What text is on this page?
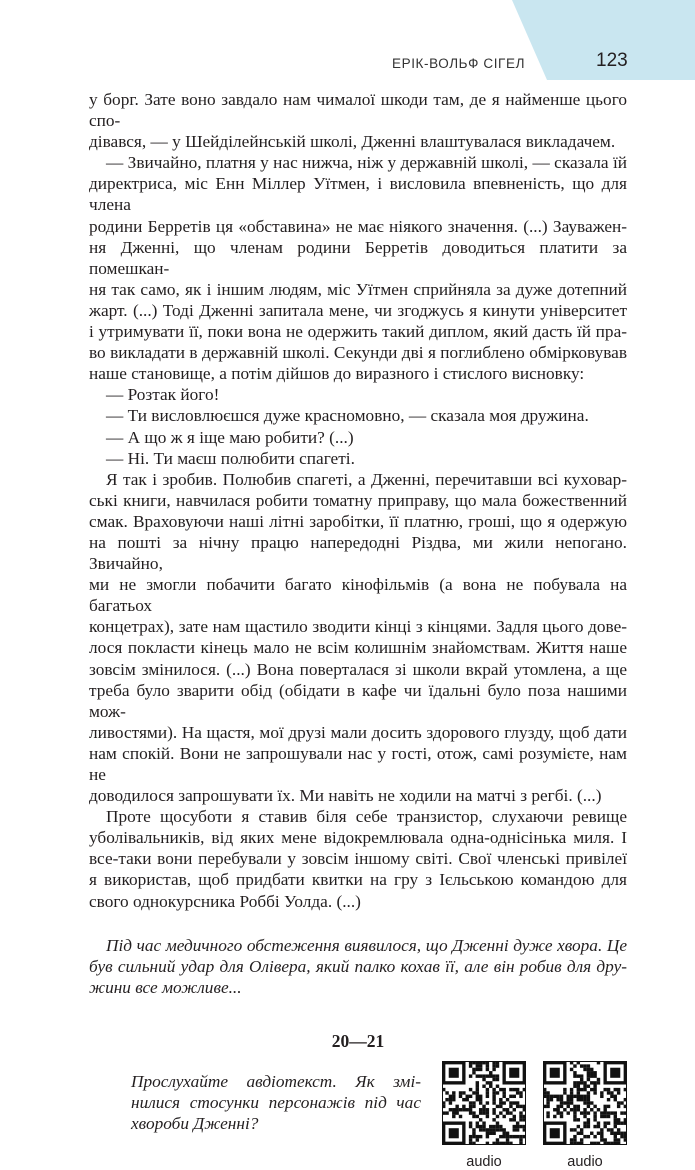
ЕРІК-ВОЛЬФ СІГЕЛ	123
у борг. Зате воно завдало нам чималої шкоди там, де я найменше цього спо-
дівався, — у Шейділейнській школі, Дженні влаштувалася викладачем.
— Звичайно, платня у нас нижча, ніж у державній школі, — сказала їй
директриса, міс Енн Міллер Уїтмен, і висловила впевненість, що для члена
родини Берретів ця «обставина» не має ніякого значення. (...) Зауважен-
ня Дженні, що членам родини Берретів доводиться платити за помешкан-
ня так само, як і іншим людям, міс Уїтмен сприйняла за дуже дотепний
жарт. (...) Тоді Дженні запитала мене, чи згоджусь я кинути університет
і утримувати її, поки вона не одержить такий диплом, який дасть їй пра-
во викладати в державній школі. Секунди дві я поглиблено обмірковував
наше становище, а потім дійшов до виразного і стислого висновку:
— Розтак його!
— Ти висловлюєшся дуже красномовно, — сказала моя дружина.
— А що ж я іще маю робити? (...)
— Ні. Ти маєш полюбити спагеті.
Я так і зробив. Полюбив спагеті, а Дженні, перечитавши всі куховар-
ські книги, навчилася робити томатну приправу, що мала божественний
смак. Враховуючи наші літні заробітки, її платню, гроші, що я одержую
на пошті за нічну працю напередодні Різдва, ми жили непогано. Звичайно,
ми не змогли побачити багато кінофільмів (а вона не побувала на багатьох
концетрах), зате нам щастило зводити кінці з кінцями. Задля цього дове-
лося покласти кінець мало не всім колишнім знайомствам. Життя наше
зовсім змінилося. (...) Вона поверталася зі школи вкрай утомлена, а ще
треба було зварити обід (обідати в кафе чи їдальні було поза нашими мож-
ливостями). На щастя, мої друзі мали досить здорового глузду, щоб дати
нам спокій. Вони не запрошували нас у гості, отож, самі розумієте, нам не
доводилося запрошувати їх. Ми навіть не ходили на матчі з регбі. (...)
Проте щосуботи я ставив біля себе транзистор, слухаючи ревище
уболівальників, від яких мене відокремлювала одна-однісінька миля. І
все-таки вони перебували у зовсім іншому світі. Свої членські привілеї
я використав, щоб придбати квитки на гру з Ієльською командою для
свого однокурсника Роббі Уолда. (...)
Під час медичного обстеження виявилося, що Дженні дуже хвора. Це
був сильний удар для Олівера, який палко кохав її, але він робив для дру-
жини все можливе...
20—21
Прослухайте авдіотекст. Як змі-
нилися стосунки персонажів під час
хвороби Дженні?
audio	audio
